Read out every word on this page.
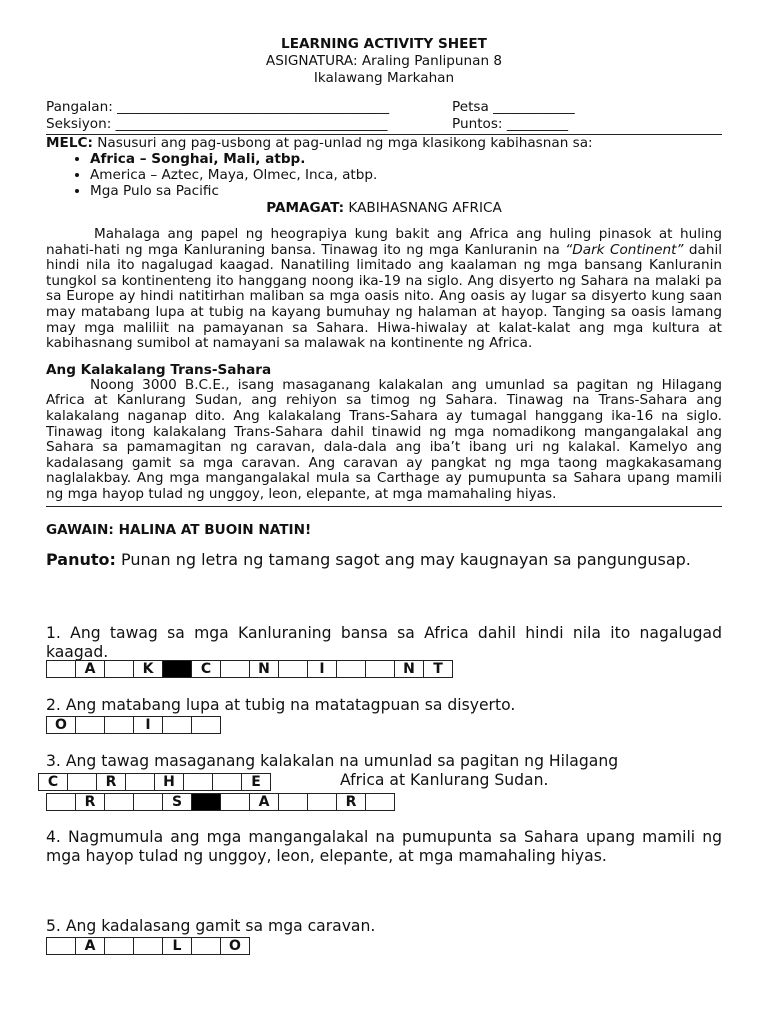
LEARNING ACTIVITY SHEET
ASIGNATURA: Araling Panlipunan 8
Ikalawang Markahan
Pangalan: ________________________________________	Petsa ____________
Seksiyon: ________________________________________	Puntos: _________
MELC: Nasusuri ang pag-usbong at pag-unlad ng mga klasikong kabihasnan sa:
• Africa – Songhai, Mali, atbp.
• America – Aztec, Maya, Olmec, Inca, atbp.
• Mga Pulo sa Pacific
PAMAGAT: KABIHASNANG AFRICA

Mahalaga ang papel ng heograpiya kung bakit ang Africa ang huling pinasok at huling nahati-hati ng mga Kanluraning bansa. Tinawag ito ng mga Kanluranin na “Dark Continent” dahil hindi nila ito nagalugad kaagad. Nanatiling limitado ang kaalaman ng mga bansang Kanluranin tungkol sa kontinenteng ito hanggang noong ika-19 na siglo. Ang disyerto ng Sahara na malaki pa sa Europe ay hindi natitirhan maliban sa mga oasis nito. Ang oasis ay lugar sa disyerto kung saan may matabang lupa at tubig na kayang bumuhay ng halaman at hayop. Tanging sa oasis lamang may mga maliliit na pamayanan sa Sahara. Hiwa-hiwalay at kalat-kalat ang mga kultura at kabihasnang sumibol at namayani sa malawak na kontinente ng Africa.

Ang Kalakalang Trans-Sahara

Noong 3000 B.C.E., isang masaganang kalakalan ang umunlad sa pagitan ng Hilagang Africa at Kanlurang Sudan, ang rehiyon sa timog ng Sahara. Tinawag na Trans-Sahara ang kalakalang naganap dito. Ang kalakalang Trans-Sahara ay tumagal hanggang ika-16 na siglo. Tinawag itong kalakalang Trans-Sahara dahil tinawid ng mga nomadikong mangangalakal ang Sahara sa pamamagitan ng caravan, dala-dala ang iba’t ibang uri ng kalakal. Kamelyo ang kadalasang gamit sa mga caravan. Ang caravan ay pangkat ng mga taong magkakasamang naglalakbay. Ang mga mangangalakal mula sa Carthage ay pumupunta sa Sahara upang mamili ng mga hayop tulad ng unggoy, leon, elepante, at mga mamahaling hiyas.

GAWAIN: HALINA AT BUOIN NATIN!

Panuto: Punan ng letra ng tamang sagot ang may kaugnayan sa pangungusap.

1. Ang tawag sa mga Kanluraning bansa sa Africa dahil hindi nila ito nagalugad kaagad.

A	K	C	N	I	N	T

2. Ang matabang lupa at tubig na matatagpuan sa disyerto.

O	I

3. Ang tawag masaganang kalakalan na umunlad sa pagitan ng Hilagang

C	R	H	E	Africa at Kanlurang Sudan.
R	S	A	R

4. Nagmumula ang mga mangangalakal na pumupunta sa Sahara upang mamili ng mga hayop tulad ng unggoy, leon, elepante, at mga mamahaling hiyas.

5. Ang kadalasang gamit sa mga caravan.

A	L	O
